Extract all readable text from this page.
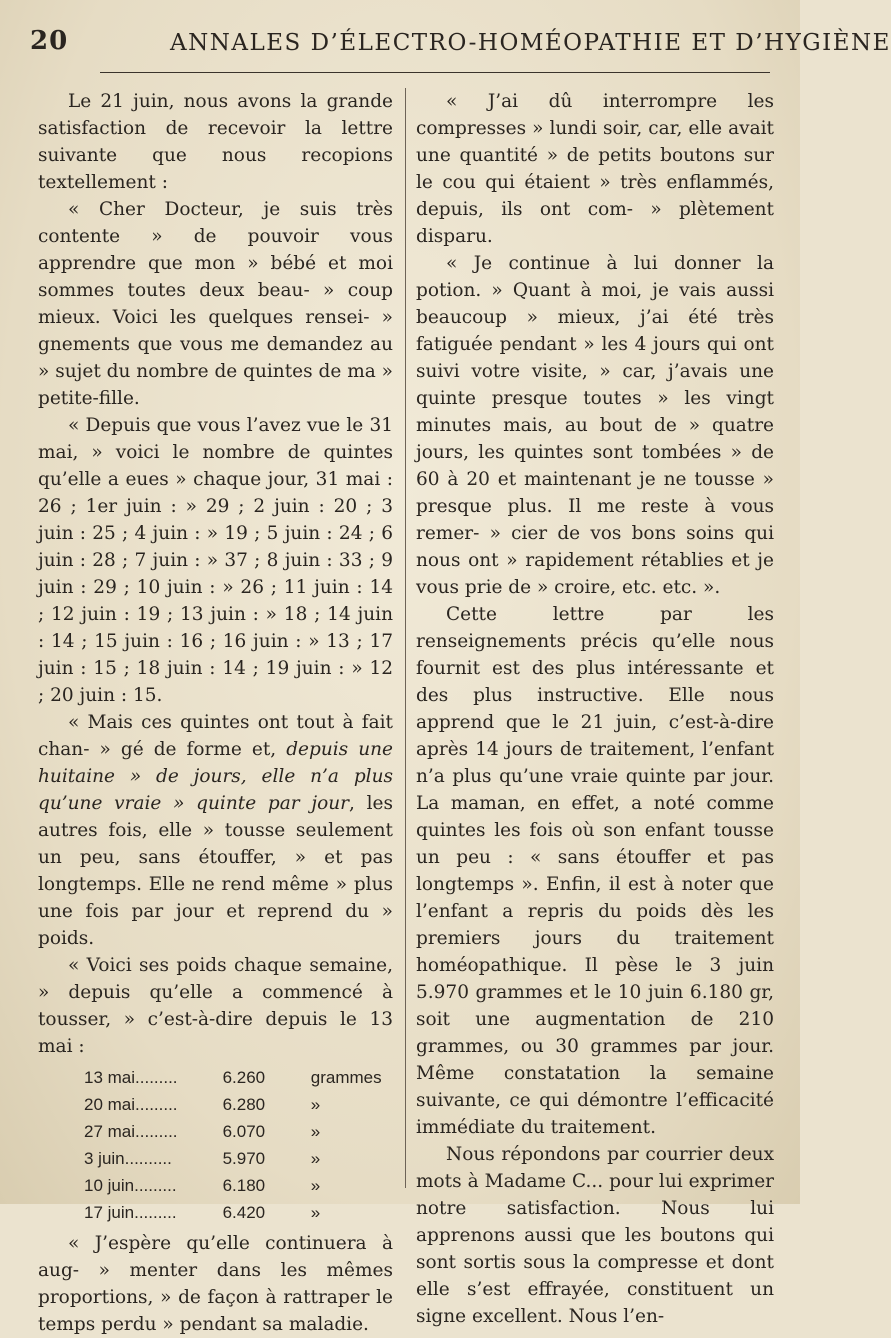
20	ANNALES D’ÉLECTRO-HOMÉOPATHIE ET D’HYGIÈNE

Le 21 juin, nous avons la grande satisfaction de recevoir la lettre suivante que nous recopions textellement :

« Cher Docteur, je suis très contente » de pouvoir vous apprendre que mon » bébé et moi sommes toutes deux beau- » coup mieux. Voici les quelques rensei- » gnements que vous me demandez au » sujet du nombre de quintes de ma » petite-fille.

« Depuis que vous l’avez vue le 31 mai, » voici le nombre de quintes qu’elle a eues » chaque jour, 31 mai : 26 ; 1er juin : » 29 ; 2 juin : 20 ; 3 juin : 25 ; 4 juin : » 19 ; 5 juin : 24 ; 6 juin : 28 ; 7 juin : » 37 ; 8 juin : 33 ; 9 juin : 29 ; 10 juin : » 26 ; 11 juin : 14 ; 12 juin : 19 ; 13 juin : » 18 ; 14 juin : 14 ; 15 juin : 16 ; 16 juin : » 13 ; 17 juin : 15 ; 18 juin : 14 ; 19 juin : » 12 ; 20 juin : 15.

« Mais ces quintes ont tout à fait chan- » gé de forme et, depuis une huitaine » de jours, elle n’a plus qu’une vraie » quinte par jour, les autres fois, elle » tousse seulement un peu, sans étouffer, » et pas longtemps. Elle ne rend même » plus une fois par jour et reprend du » poids.

« Voici ses poids chaque semaine, » depuis qu’elle a commencé à tousser, » c’est-à-dire depuis le 13 mai :

13 mai.........	6.260	grammes
20 mai.........	6.280	»
27 mai.........	6.070	»
3 juin..........	5.970	»
10 juin.........	6.180	»
17 juin.........	6.420	»

« J’espère qu’elle continuera à aug- » menter dans les mêmes proportions, » de façon à rattraper le temps perdu » pendant sa maladie.

« J’ai dû interrompre les compresses » lundi soir, car, elle avait une quantité » de petits boutons sur le cou qui étaient » très enflammés, depuis, ils ont com- » plètement disparu.

« Je continue à lui donner la potion. » Quant à moi, je vais aussi beaucoup » mieux, j’ai été très fatiguée pendant » les 4 jours qui ont suivi votre visite, » car, j’avais une quinte presque toutes » les vingt minutes mais, au bout de » quatre jours, les quintes sont tombées » de 60 à 20 et maintenant je ne tousse » presque plus. Il me reste à vous remer- » cier de vos bons soins qui nous ont » rapidement rétablies et je vous prie de » croire, etc. etc. ».

Cette lettre par les renseignements précis qu’elle nous fournit est des plus intéressante et des plus instructive. Elle nous apprend que le 21 juin, c’est-à-dire après 14 jours de traitement, l’enfant n’a plus qu’une vraie quinte par jour. La maman, en effet, a noté comme quintes les fois où son enfant tousse un peu : « sans étouffer et pas longtemps ». Enfin, il est à noter que l’enfant a repris du poids dès les premiers jours du traitement homéopathique. Il pèse le 3 juin 5.970 grammes et le 10 juin 6.180 gr, soit une augmentation de 210 grammes, ou 30 grammes par jour. Même constatation la semaine suivante, ce qui démontre l’efficacité immédiate du traitement.

Nous répondons par courrier deux mots à Madame C... pour lui exprimer notre satisfaction. Nous lui apprenons aussi que les boutons qui sont sortis sous la compresse et dont elle s’est effrayée, constituent un signe excellent. Nous l’en-
